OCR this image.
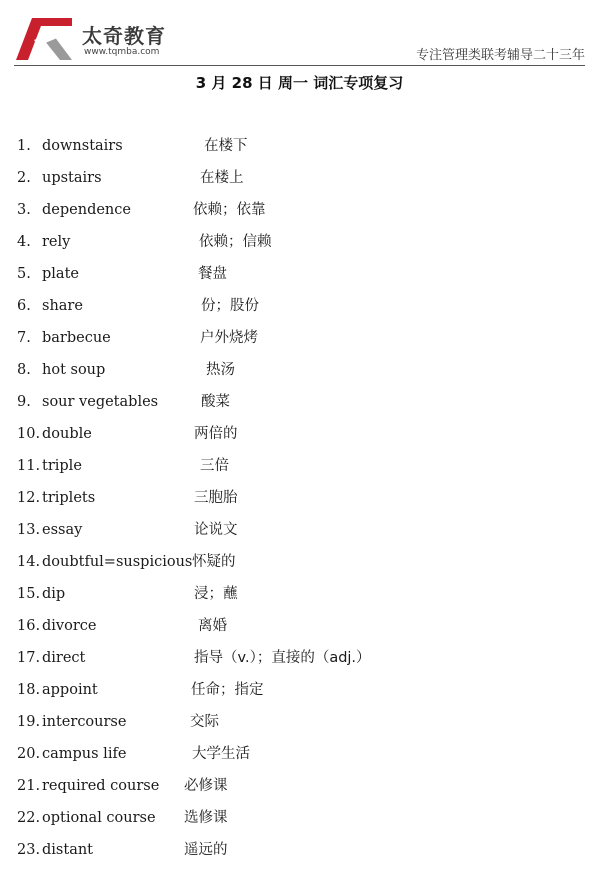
太奇教育
www.tqmba.com	专注管理类联考辅导二十三年
3 月 28 日 周一 词汇专项复习
1. downstairs	在楼下
2. upstairs	在楼上
3. dependence	依赖；依靠
4. rely	依赖；信赖
5. plate	餐盘
6. share	份；股份
7. barbecue	户外烧烤
8. hot soup	热汤
9. sour vegetables	酸菜
10. double	两倍的
11. triple	三倍
12. triplets	三胞胎
13. essay	论说文
14. doubtful=suspicious 怀疑的
15. dip	浸；蘸
16. divorce	离婚
17. direct	指导（v.）；直接的（adj.）
18. appoint	任命；指定
19. intercourse	交际
20. campus life	大学生活
21. required course 必修课
22. optional course 选修课
23. distant	遥远的
